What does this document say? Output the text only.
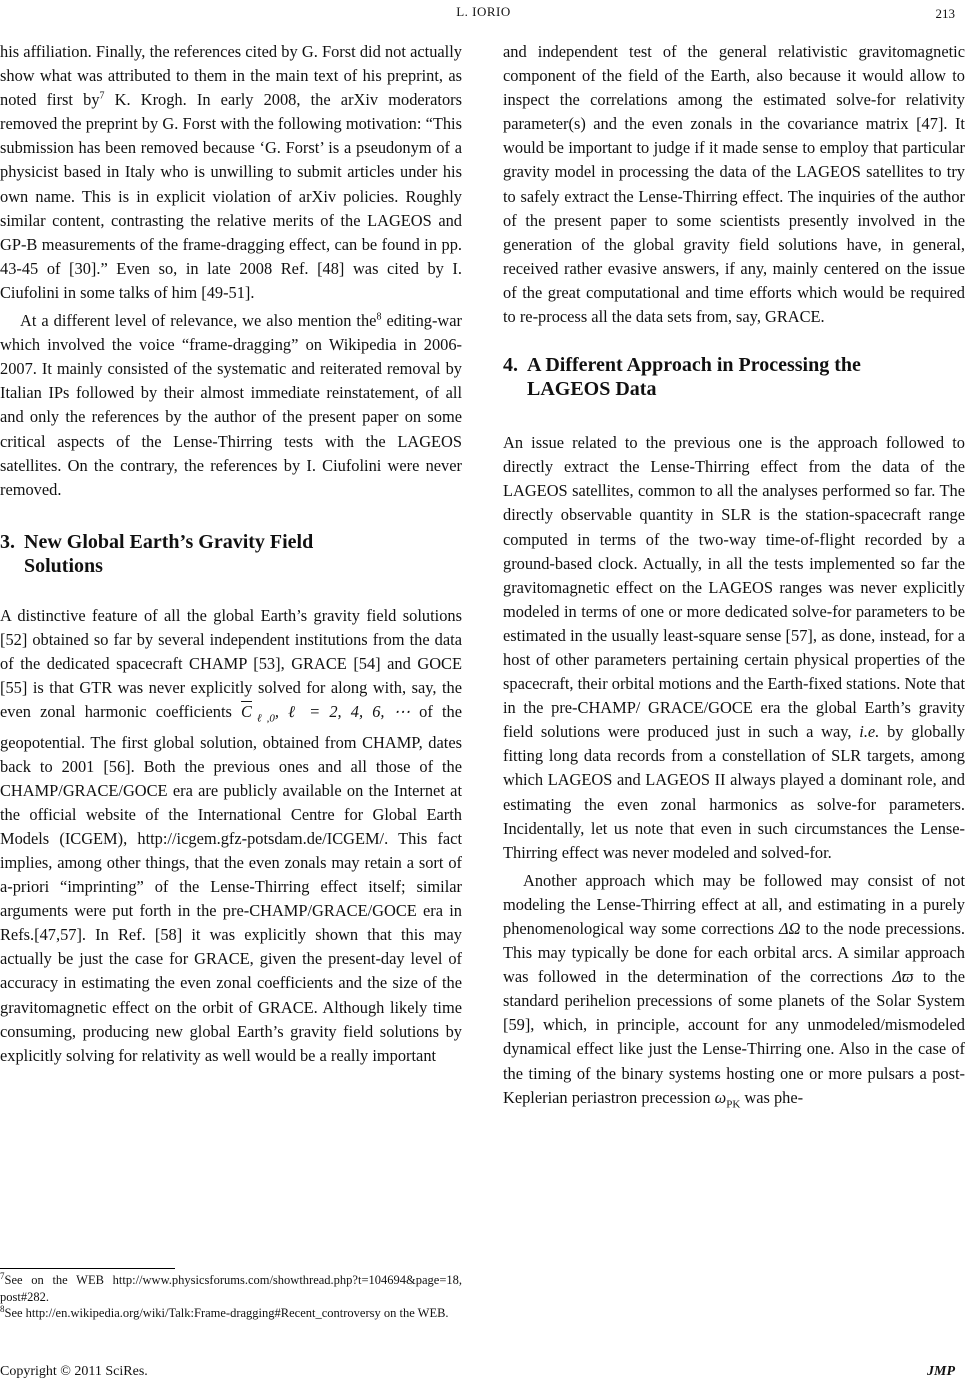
L. IORIO	213

his affiliation. Finally, the references cited by G. Forst did not actually show what was attributed to them in the main text of his preprint, as noted first $by^7$ K. Krogh. In early 2008, the arXiv moderators removed the preprint by G. Forst with the following motivation: “This submission has been removed because ‘G. Forst’ is a pseudonym of a physicist based in Italy who is unwilling to submit articles under his own name. This is in explicit violation of arXiv policies. Roughly similar content, contrasting the relative merits of the LAGEOS and GP-B measurements of the frame-dragging effect, can be found in pp. 43-45 of [30].” Even so, in late 2008 Ref. [48] was cited by I. Ciufolini in some talks of him [49-51].

At a different level of relevance, we also mention the$^8$ editing-war which involved the voice “frame-dragging” on Wikipedia in 2006-2007. It mainly consisted of the systematic and reiterated removal by Italian IPs followed by their almost immediate reinstatement, of all and only the references by the author of the present paper on some critical aspects of the Lense-Thirring tests with the LAGEOS satellites. On the contrary, the references by I. Ciufolini were never removed.

3. New Global Earth’s Gravity Field
Solutions

A distinctive feature of all the global Earth’s gravity field solutions [52] obtained so far by several independent institutions from the data of the dedicated spacecraft CHAMP [53], GRACE [54] and GOCE [55] is that GTR was never explicitly solved for along with, say, the even zonal harmonic coefficients $\overline{C}_{\ell,0}$, ℓ = 2, 4, 6, ⋯ of the geopotential. The first global solution, obtained from CHAMP, dates back to 2001 [56]. Both the previous ones and all those of the CHAMP/GRACE/GOCE era are publicly available on the Internet at the official website of the International Centre for Global Earth Models (ICGEM), http://icgem.gfz-potsdam.de/ICGEM/. This fact implies, among other things, that the even zonals may retain a sort of a-priori “imprinting” of the Lense-Thirring effect itself; similar arguments were put forth in the pre-CHAMP/GRACE/GOCE era in Refs.[47,57]. In Ref. [58] it was explicitly shown that this may actually be just the case for GRACE, given the present-day level of accuracy in estimating the even zonal coefficients and the size of the gravitomagnetic effect on the orbit of GRACE. Although likely time consuming, producing new global Earth’s gravity field solutions by explicitly solving for relativity as well would be a really important

and independent test of the general relativistic gravitomagnetic component of the field of the Earth, also because it would allow to inspect the correlations among the estimated solve-for relativity parameter(s) and the even zonals in the covariance matrix [47]. It would be important to judge if it made sense to employ that particular gravity model in processing the data of the LAGEOS satellites to try to safely extract the Lense-Thirring effect. The inquiries of the author of the present paper to some scientists presently involved in the generation of the global gravity field solutions have, in general, received rather evasive answers, if any, mainly centered on the issue of the great computational and time efforts which would be required to re-process all the data sets from, say, GRACE.

4. A Different Approach in Processing the
LAGEOS Data

An issue related to the previous one is the approach followed to directly extract the Lense-Thirring effect from the data of the LAGEOS satellites, common to all the analyses performed so far. The directly observable quantity in SLR is the station-spacecraft range computed in terms of the two-way time-of-flight recorded by a ground-based clock. Actually, in all the tests implemented so far the gravitomagnetic effect on the LAGEOS ranges was never explicitly modeled in terms of one or more dedicated solve-for parameters to be estimated in the usually least-square sense [57], as done, instead, for a host of other parameters pertaining certain physical properties of the spacecraft, their orbital motions and the Earth-fixed stations. Note that in the pre-CHAMP/ GRACE/GOCE era the global Earth’s gravity field solutions were produced just in such a way, i.e. by globally fitting long data records from a constellation of SLR targets, among which LAGEOS and LAGEOS II always played a dominant role, and estimating the even zonal harmonics as solve-for parameters. Incidentally, let us note that even in such circumstances the Lense-Thirring effect was never modeled and solved-for.

Another approach which may be followed may consist of not modeling the Lense-Thirring effect at all, and estimating in a purely phenomenological way some corrections ΔΩ to the node precessions. This may typically be done for each orbital arcs. A similar approach was followed in the determination of the corrections Δϖ to the standard perihelion precessions of some planets of the Solar System [59], which, in principle, account for any unmodeled/mismodeled dynamical effect like just the Lense-Thirring one. Also in the case of the timing of the binary systems hosting one or more pulsars a post-Keplerian periastron precession $\omega_{PK}$ was phe-

$^7$See on the WEB http://www.physicsforums.com/showthread.php?t=104694&page=18, post#282.

$^8$See http://en.wikipedia.org/wiki/Talk:Frame-dragging#Recent_controversy on the WEB.

Copyright © 2011 SciRes.	JMP
